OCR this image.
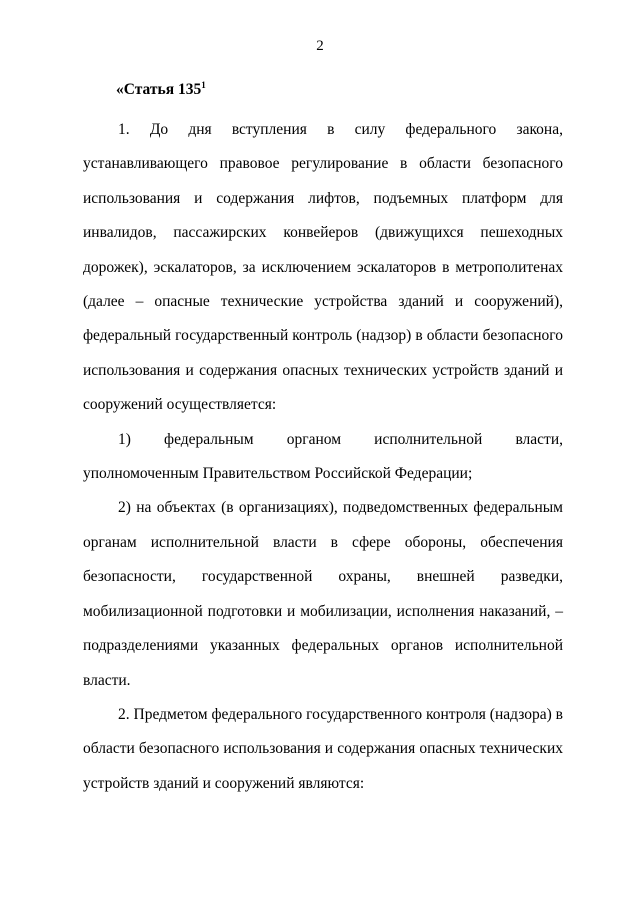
2
«Статья $135^1$

1. До дня вступления в силу федерального закона, устанавливающего правовое регулирование в области безопасного использования и содержания лифтов, подъемных платформ для инвалидов, пассажирских конвейеров (движущихся пешеходных дорожек), эскалаторов, за исключением эскалаторов в метрополитенах (далее – опасные технические устройства зданий и сооружений), федеральный государственный контроль (надзор) в области безопасного использования и содержания опасных технических устройств зданий и сооружений осуществляется:

1) федеральным органом исполнительной власти, уполномоченным Правительством Российской Федерации;

2) на объектах (в организациях), подведомственных федеральным органам исполнительной власти в сфере обороны, обеспечения безопасности, государственной охраны, внешней разведки, мобилизационной подготовки и мобилизации, исполнения наказаний, – подразделениями указанных федеральных органов исполнительной власти.

2. Предметом федерального государственного контроля (надзора) в области безопасного использования и содержания опасных технических устройств зданий и сооружений являются:
